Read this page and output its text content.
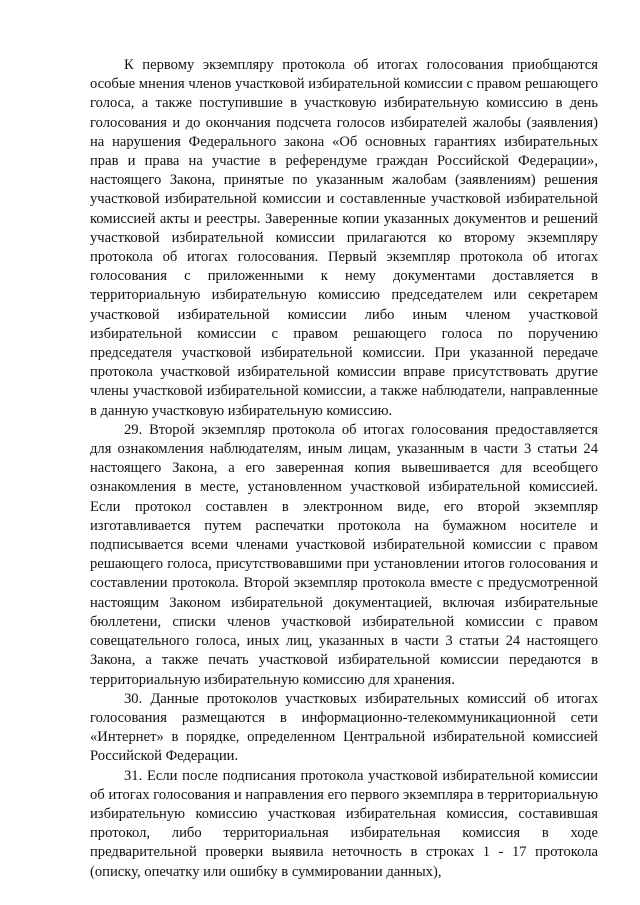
К первому экземпляру протокола об итогах голосования приобщаются особые мнения членов участковой избирательной комиссии с правом решающего голоса, а также поступившие в участковую избирательную комиссию в день голосования и до окончания подсчета голосов избирателей жалобы (заявления) на нарушения Федерального закона «Об основных гарантиях избирательных прав и права на участие в референдуме граждан Российской Федерации», настоящего Закона, принятые по указанным жалобам (заявлениям) решения участковой избирательной комиссии и составленные участковой избирательной комиссией акты и реестры. Заверенные копии указанных документов и решений участковой избирательной комиссии прилагаются ко второму экземпляру протокола об итогах голосования. Первый экземпляр протокола об итогах голосования с приложенными к нему документами доставляется в территориальную избирательную комиссию председателем или секретарем участковой избирательной комиссии либо иным членом участковой избирательной комиссии с правом решающего голоса по поручению председателя участковой избирательной комиссии. При указанной передаче протокола участковой избирательной комиссии вправе присутствовать другие члены участковой избирательной комиссии, а также наблюдатели, направленные в данную участковую избирательную комиссию.

29. Второй экземпляр протокола об итогах голосования предоставляется для ознакомления наблюдателям, иным лицам, указанным в части 3 статьи 24 настоящего Закона, а его заверенная копия вывешивается для всеобщего ознакомления в месте, установленном участковой избирательной комиссией. Если протокол составлен в электронном виде, его второй экземпляр изготавливается путем распечатки протокола на бумажном носителе и подписывается всеми членами участковой избирательной комиссии с правом решающего голоса, присутствовавшими при установлении итогов голосования и составлении протокола. Второй экземпляр протокола вместе с предусмотренной настоящим Законом избирательной документацией, включая избирательные бюллетени, списки членов участковой избирательной комиссии с правом совещательного голоса, иных лиц, указанных в части 3 статьи 24 настоящего Закона, а также печать участковой избирательной комиссии передаются в территориальную избирательную комиссию для хранения.

30. Данные протоколов участковых избирательных комиссий об итогах голосования размещаются в информационно-телекоммуникационной сети «Интернет» в порядке, определенном Центральной избирательной комиссией Российской Федерации.

31. Если после подписания протокола участковой избирательной комиссии об итогах голосования и направления его первого экземпляра в территориальную избирательную комиссию участковая избирательная комиссия, составившая протокол, либо территориальная избирательная комиссия в ходе предварительной проверки выявила неточность в строках 1 - 17 протокола (описку, опечатку или ошибку в суммировании данных),
